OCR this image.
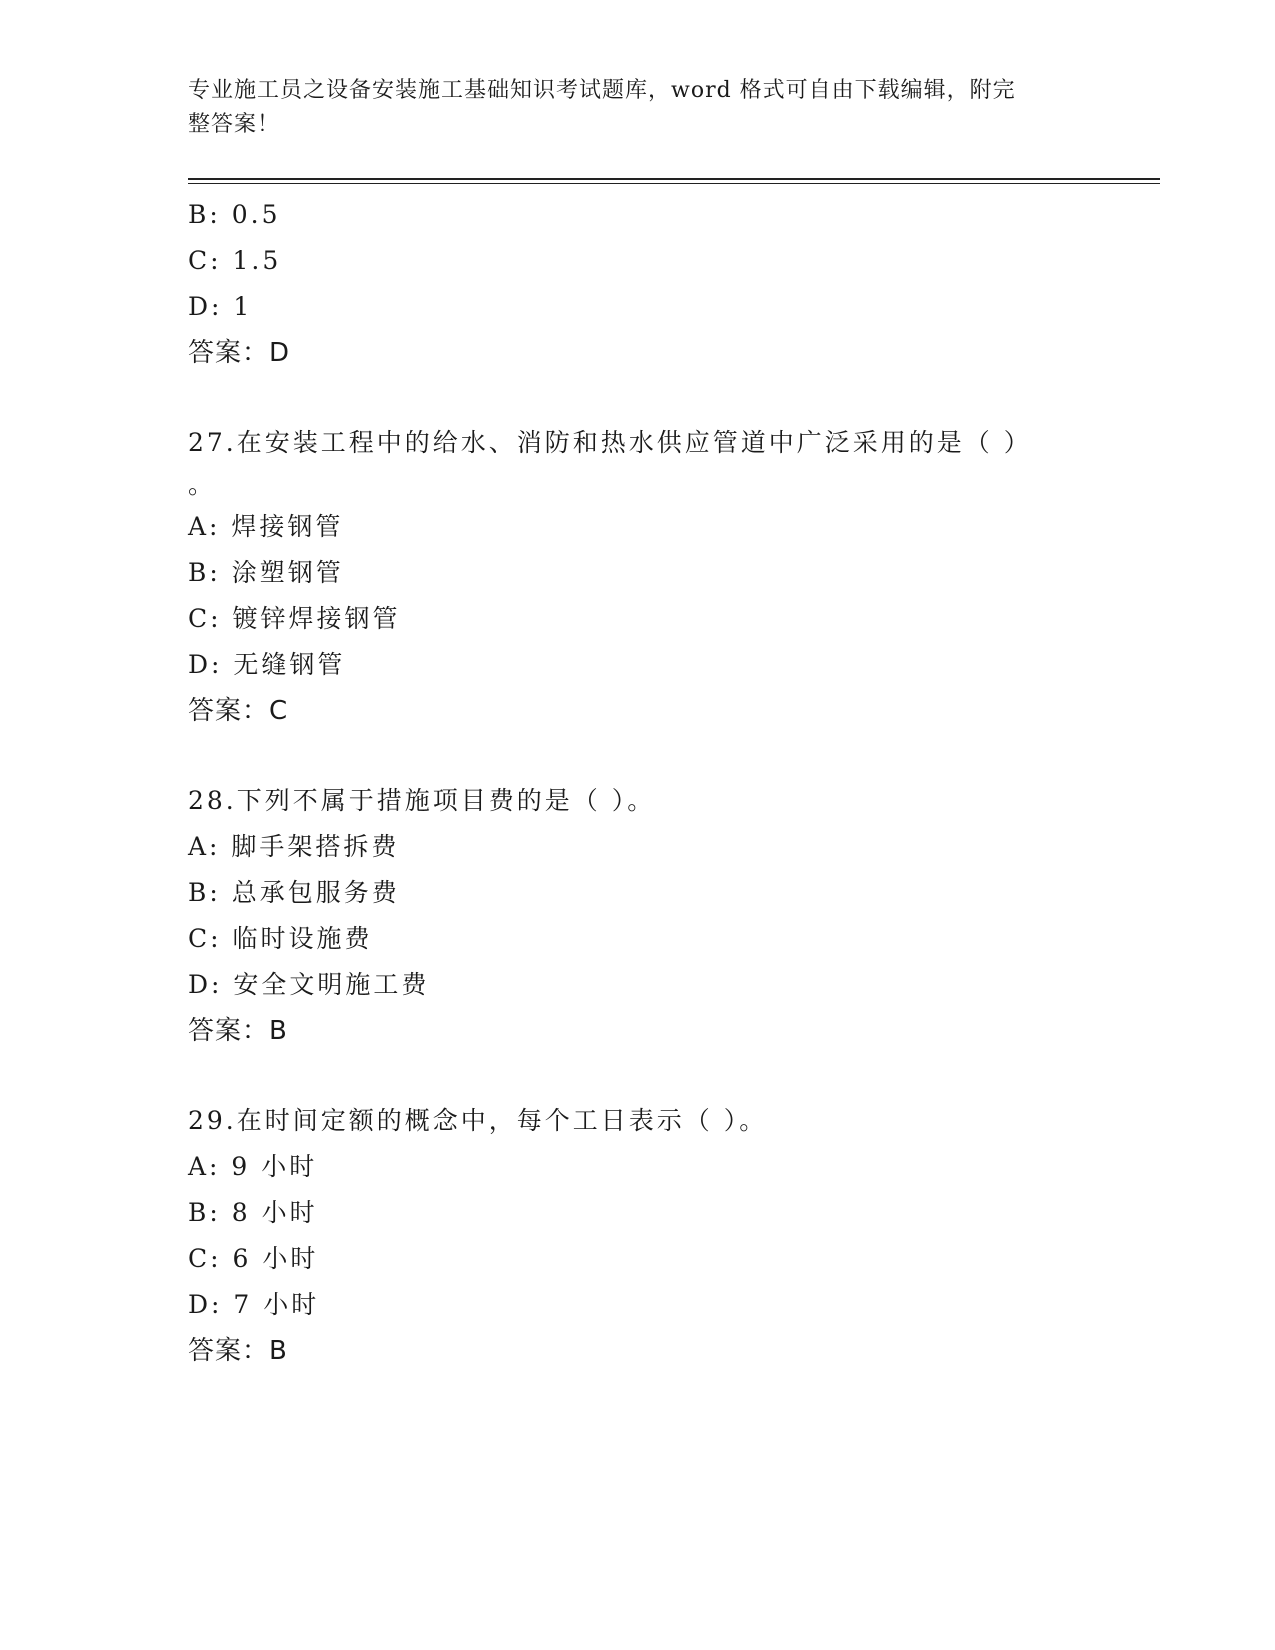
专业施工员之设备安装施工基础知识考试题库，word 格式可自由下载编辑，附完
整答案！
B: 0.5
C: 1.5
D: 1
答案：D
27.在安装工程中的给水、消防和热水供应管道中广泛采用的是（ ）
。
A: 焊接钢管
B: 涂塑钢管
C: 镀锌焊接钢管
D: 无缝钢管
答案：C
28.下列不属于措施项目费的是（ ）。
A: 脚手架搭拆费
B: 总承包服务费
C: 临时设施费
D: 安全文明施工费
答案：B
29.在时间定额的概念中，每个工日表示（ ）。
A: 9 小时
B: 8 小时
C: 6 小时
D: 7 小时
答案：B
